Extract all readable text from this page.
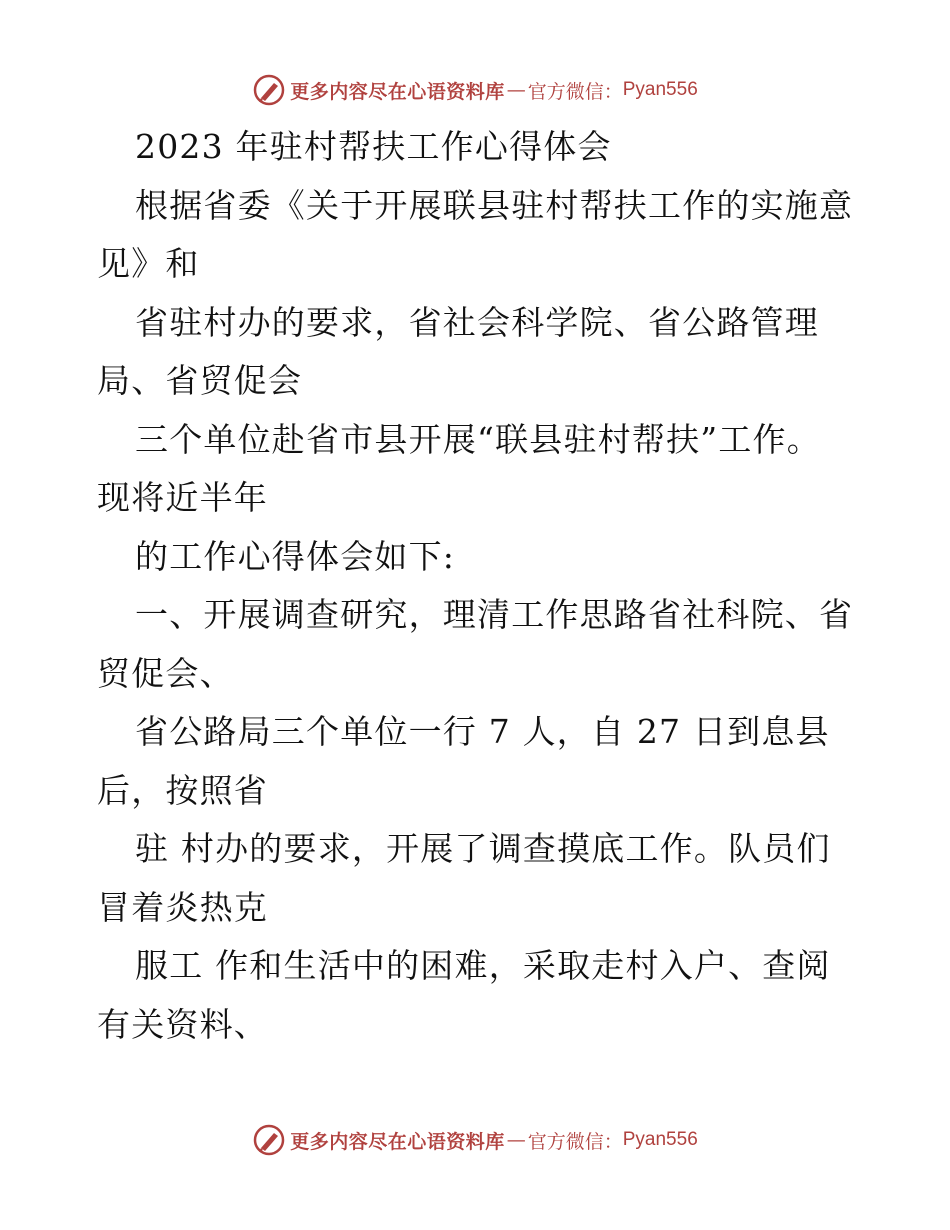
更多内容尽在心语资料库 — 官方微信： Pyan556
2023 年驻村帮扶工作心得体会
根据省委《关于开展联县驻村帮扶工作的实施意
见》和
省驻村办的要求，省社会科学院、省公路管理
局、省贸促会
三个单位赴省市县开展“联县驻村帮扶”工作。
现将近半年
的工作心得体会如下:
一、开展调查研究，理清工作思路省社科院、省
贸促会、
省公路局三个单位一行 7 人，自 27 日到息县
后，按照省
驻 村办的要求，开展了调查摸底工作。队员们
冒着炎热克
服工 作和生活中的困难，采取走村入户、查阅
有关资料、
更多内容尽在心语资料库 — 官方微信： Pyan556
